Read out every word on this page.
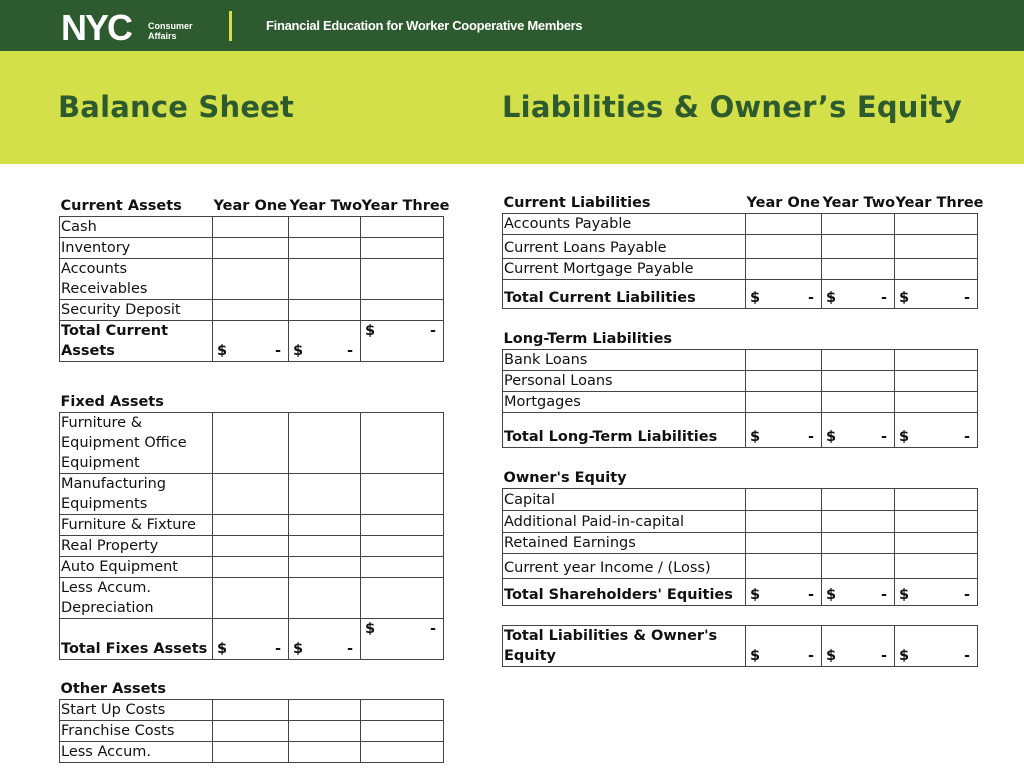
NYC Consumer
Affairs
Financial Education for Worker Cooperative Members
Balance Sheet	Liabilities & Owner’s Equity
Current Assets	Year One	Year Two	Year Three
Cash			
Inventory			
Accounts Receivables			
Security Deposit			
Total Current Assets	$ -	$ -	$ -

Fixed Assets			
Furniture & Equipment Office Equipment			
Manufacturing Equipments			
Furniture & Fixture			
Real Property			
Auto Equipment			
Less Accum. Depreciation			
Total Fixes Assets	$ -	$ -	$ -

Other Assets			
Start Up Costs			
Franchise Costs			
Less Accum.			
Current Liabilities	Year One	Year Two	Year Three
Accounts Payable			
Current Loans Payable			
Current Mortgage Payable			
Total Current Liabilities	$ -	$ -	$ -

Long-Term Liabilities			
Bank Loans			
Personal Loans			
Mortgages			
Total Long-Term Liabilities	$ -	$ -	$ -

Owner's Equity			
Capital			
Additional Paid-in-capital			
Retained Earnings			
Current year Income / (Loss)			
Total Shareholders' Equities	$ -	$ -	$ -

Total Liabilities & Owner's Equity	$ -	$ -	$ -
